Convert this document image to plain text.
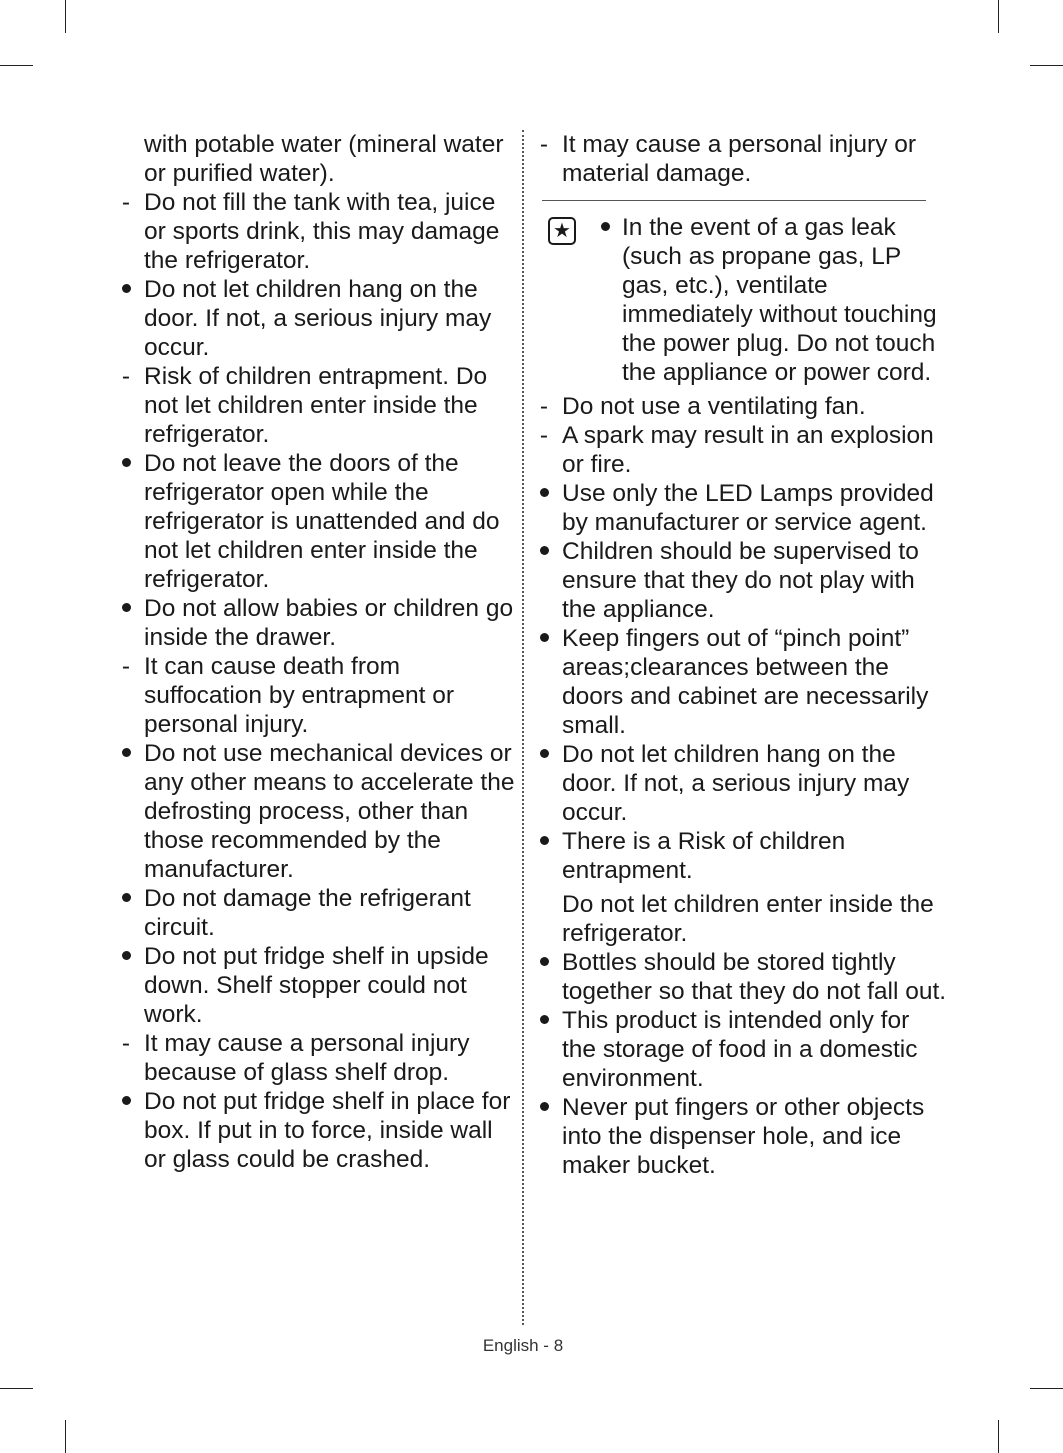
with potable water (mineral water or purified water).

-
Do not fill the tank with tea, juice or sports drink, this may damage the refrigerator.

Do not let children hang on the door. If not, a serious injury may occur.

-
Risk of children entrapment. Do not let children enter inside the refrigerator.

Do not leave the doors of the refrigerator open while the refrigerator is unattended and do not let children enter inside the refrigerator.

Do not allow babies or children go inside the drawer.

-
It can cause death from suffocation by entrapment or personal injury.

Do not use mechanical devices or any other means to accelerate the defrosting process, other than those recommended by the manufacturer.

Do not damage the refrigerant circuit.

Do not put fridge shelf in upside down. Shelf stopper could not work.

-
It may cause a personal injury because of glass shelf drop.

Do not put fridge shelf in place for box. If put in to force, inside wall or glass could be crashed.

-
It may cause a personal injury or material damage.

★ In the event of a gas leak (such as propane gas, LP gas, etc.), ventilate immediately without touching the power plug. Do not touch the appliance or power cord.

-
Do not use a ventilating fan.

-
A spark may result in an explosion or fire.

Use only the LED Lamps provided by manufacturer or service agent.

Children should be supervised to ensure that they do not play with the appliance.

Keep fingers out of “pinch point” areas;clearances between the doors and cabinet are necessarily small.

Do not let children hang on the door. If not, a serious injury may occur.

There is a Risk of children entrapment.

Do not let children enter inside the refrigerator.

Bottles should be stored tightly together so that they do not fall out.

This product is intended only for the storage of food in a domestic environment.

Never put fingers or other objects into the dispenser hole, and ice maker bucket.

English - 8
